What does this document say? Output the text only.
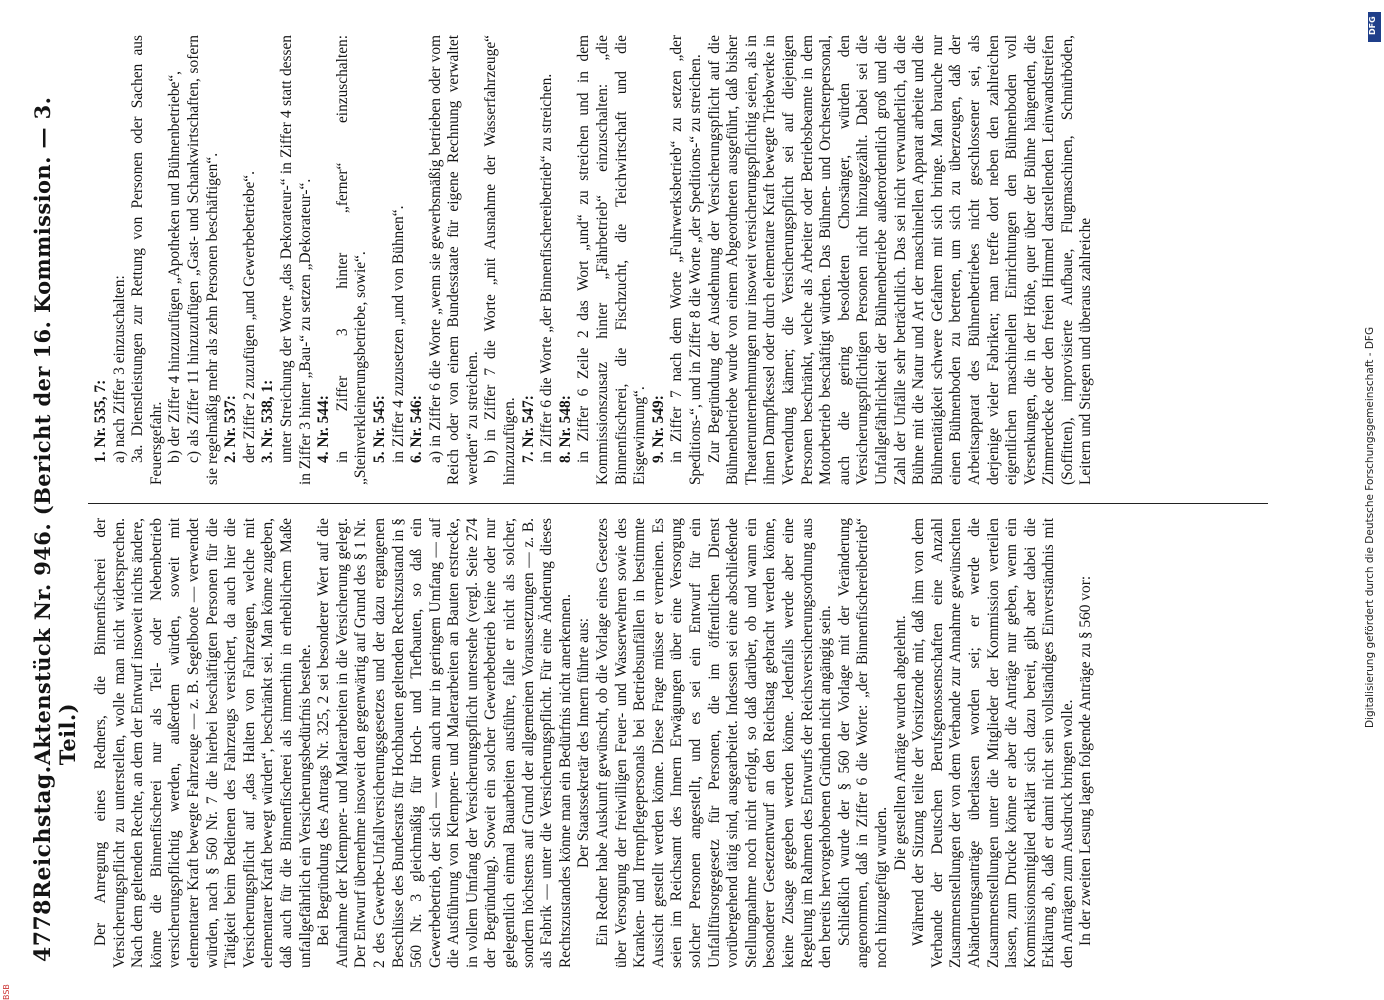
4778
Reichstag.
Aktenstück Nr. 946. (Bericht der 16. Kommission. — 3. Teil.) Der Anregung eines Redners, die Binnenfischerei der Versicherungspflicht zu unterstellen, wolle man nicht widersprechen. Nach dem geltenden Rechte, an dem der Entwurf insoweit nichts ändere, könne die Binnenfischerei nur als Teil- oder Nebenbetrieb versicherungspflichtig werden, außerdem würden, soweit mit elementarer Kraft bewegte Fahrzeuge — z. B. Segelboote — verwendet würden, nach § 560 Nr. 7 die hierbei beschäftigten Personen für die Tätigkeit beim Bedienen des Fahrzeugs versichert, da auch hier die Versicherungspflicht auf „das Halten von Fahrzeugen, welche mit elementarer Kraft bewegt würden“, beschränkt sei. Man könne zugeben, daß auch für die Binnenfischerei als immerhin in erheblichem Maße unfallgefährlich ein Versicherungsbedürfnis bestehe. Bei Begründung des Antrags Nr. 325, 2 sei besonderer Wert auf die Aufnahme der Klempner- und Malerarbeiten in die Versicherung gelegt. Der Entwurf übernehme insoweit den gegenwärtig auf Grund des § 1 Nr. 2 des Gewerbe-Unfallversicherungsgesetzes und der dazu ergangenen Beschlüsse des Bundesrats für Hochbauten geltenden Rechtszustand in § 560 Nr. 3 gleichmäßig für Hoch- und Tiefbauten, so daß ein Gewerbebetrieb, der sich — wenn auch nur in geringem Umfang — auf die Ausführung von Klempner- und Malerarbeiten an Bauten erstrecke, in vollem Umfang der Versicherungspflicht unterstehe (vergl. Seite 274 der Begründung). Soweit ein solcher Gewerbebetrieb keine oder nur gelegentlich einmal Bauarbeiten ausführe, falle er nicht als solcher, sondern höchstens auf Grund der allgemeinen Voraussetzungen — z. B. als Fabrik — unter die Versicherungspflicht. Für eine Änderung dieses Rechtszustandes könne man ein Bedürfnis nicht anerkennen. Der Staatssekretär des Innern führte aus: Ein Redner habe Auskunft gewünscht, ob die Vorlage eines Gesetzes über Versorgung der freiwilligen Feuer- und Wasserwehren sowie des Kranken- und Irrenpflegepersonals bei Betriebsunfällen in bestimmte Aussicht gestellt werden könne. Diese Frage müsse er verneinen. Es seien im Reichsamt des Innern Erwägungen über eine Versorgung solcher Personen angestellt, und es sei ein Entwurf für ein Unfallfürsorgegesetz für Personen, die im öffentlichen Dienst vorübergehend tätig sind, ausgearbeitet. Indessen sei eine abschließende Stellungnahme noch nicht erfolgt, so daß darüber, ob und wann ein besonderer Gesetzentwurf an den Reichstag gebracht werden könne, keine Zusage gegeben werden könne. Jedenfalls werde aber eine Regelung im Rahmen des Entwurfs der Reichsversicherungsordnung aus den bereits hervorgehobenen Gründen nicht angängig sein. Schließlich wurde der § 560 der Vorlage mit der Veränderung angenommen, daß in Ziffer 6 die Worte: „der Binnenfischereibetrieb“ noch hinzugefügt wurden.

Die gestellten Anträge wurden abgelehnt. Während der Sitzung teilte der Vorsitzende mit, daß ihm von dem Verbande der Deutschen Berufsgenossenschaften eine Anzahl Zusammenstellungen der von dem Verbande zur Annahme gewünschten Abänderungsanträge überlassen worden sei; er werde die Zusammenstellungen unter die Mitglieder der Kommission verteilen lassen, zum Drucke könne er aber die Anträge nur geben, wenn ein Kommissionsmitglied erklärt sich dazu bereit, gibt aber dabei die Erklärung ab, daß er damit nicht sein vollständiges Einverständnis mit den Anträgen zum Ausdruck bringen wolle. In der zweiten Lesung lagen folgende Anträge zu § 560 vor:

1. Nr. 535, 7: a) nach Ziffer 3 einzuschalten: 3a. Dienstleistungen zur Rettung von Personen oder Sachen aus Feuersgefahr. b) der Ziffer 4 hinzuzufügen „Apotheken und Bühnenbetriebe“, c) als Ziffer 11 hinzuzufügen „Gast- und Schankwirtschaften, sofern sie regelmäßig mehr als zehn Personen beschäftigen“. 2. Nr. 537: der Ziffer 2 zuzufügen „und Gewerbebetriebe“. 3. Nr. 538, 1: unter Streichung der Worte „das Dekorateur-“ in Ziffer 4 statt dessen in Ziffer 3 hinter „Bau-“ zu setzen „Dekorateur-“. 4. Nr. 544: in Ziffer 3 hinter „ferner“ einzuschalten: „Steinverkleinerungsbetriebe, sowie“. 5. Nr. 545: in Ziffer 4 zuzusetzen „und von Bühnen“. 6. Nr. 546: a) in Ziffer 6 die Worte „wenn sie gewerbsmäßig betrieben oder vom Reich oder von einem Bundesstaate für eigene Rechnung verwaltet werden“ zu streichen. b) in Ziffer 7 die Worte „mit Ausnahme der Wasserfahrzeuge“ hinzuzufügen. 7. Nr. 547: in Ziffer 6 die Worte „der Binnenfischereibetrieb“ zu streichen. 8. Nr. 548: in Ziffer 6 Zeile 2 das Wort „und“ zu streichen und in dem Kommissionszusatz hinter „Fährbetrieb“ einzuschalten: „die Binnenfischerei, die Fischzucht, die Teichwirtschaft und die Eisgewinnung“. 9. Nr. 549: in Ziffer 7 nach dem Worte „Fuhrwerksbetrieb“ zu setzen „der Speditions-“, und in Ziffer 8 die Worte „der Speditions-“ zu streichen. Zur Begründung der Ausdehnung der Versicherungspflicht auf die Bühnenbetriebe wurde von einem Abgeordneten ausgeführt, daß bisher Theaterunternehmungen nur insoweit versicherungspflichtig seien, als in ihnen Dampfkessel oder durch elementare Kraft bewegte Triebwerke in Verwendung kämen; die Versicherungspflicht sei auf diejenigen Personen beschränkt, welche als Arbeiter oder Betriebsbeamte in dem Motorbetrieb beschäftigt würden. Das Bühnen- und Orchesterpersonal, auch die gering besoldeten Chorsänger, würden den Versicherungspflichtigen Personen nicht hinzugezählt. Dabei sei die Unfallgefährlichkeit der Bühnenbetriebe außerordentlich groß und die Zahl der Unfälle sehr beträchtlich. Das sei nicht verwunderlich, da die Bühne mit die Natur und Art der maschinellen Apparat arbeite und die Bühnentätigkeit schwere Gefahren mit sich bringe. Man brauche nur einen Bühnenboden zu betreten, um sich zu überzeugen, daß der Arbeitsapparat des Bühnenbetriebes nicht geschlossener sei, als derjenige vieler Fabriken; man treffe dort neben den zahlreichen eigentlichen maschinellen Einrichtungen den Bühnenboden voll Versenkungen, die in der Höhe, quer über der Bühne hängenden, die Zimmerdecke oder den freien Himmel darstellenden Leinwandstreifen (Soffitten), improvisierte Aufbaue, Flugmaschinen, Schnürböden, Leitern und Stiegen und überaus zahlreiche

DFG
Digitalisierung gefördert durch die Deutsche Forschungsgemeinschaft - DFG
BSB
